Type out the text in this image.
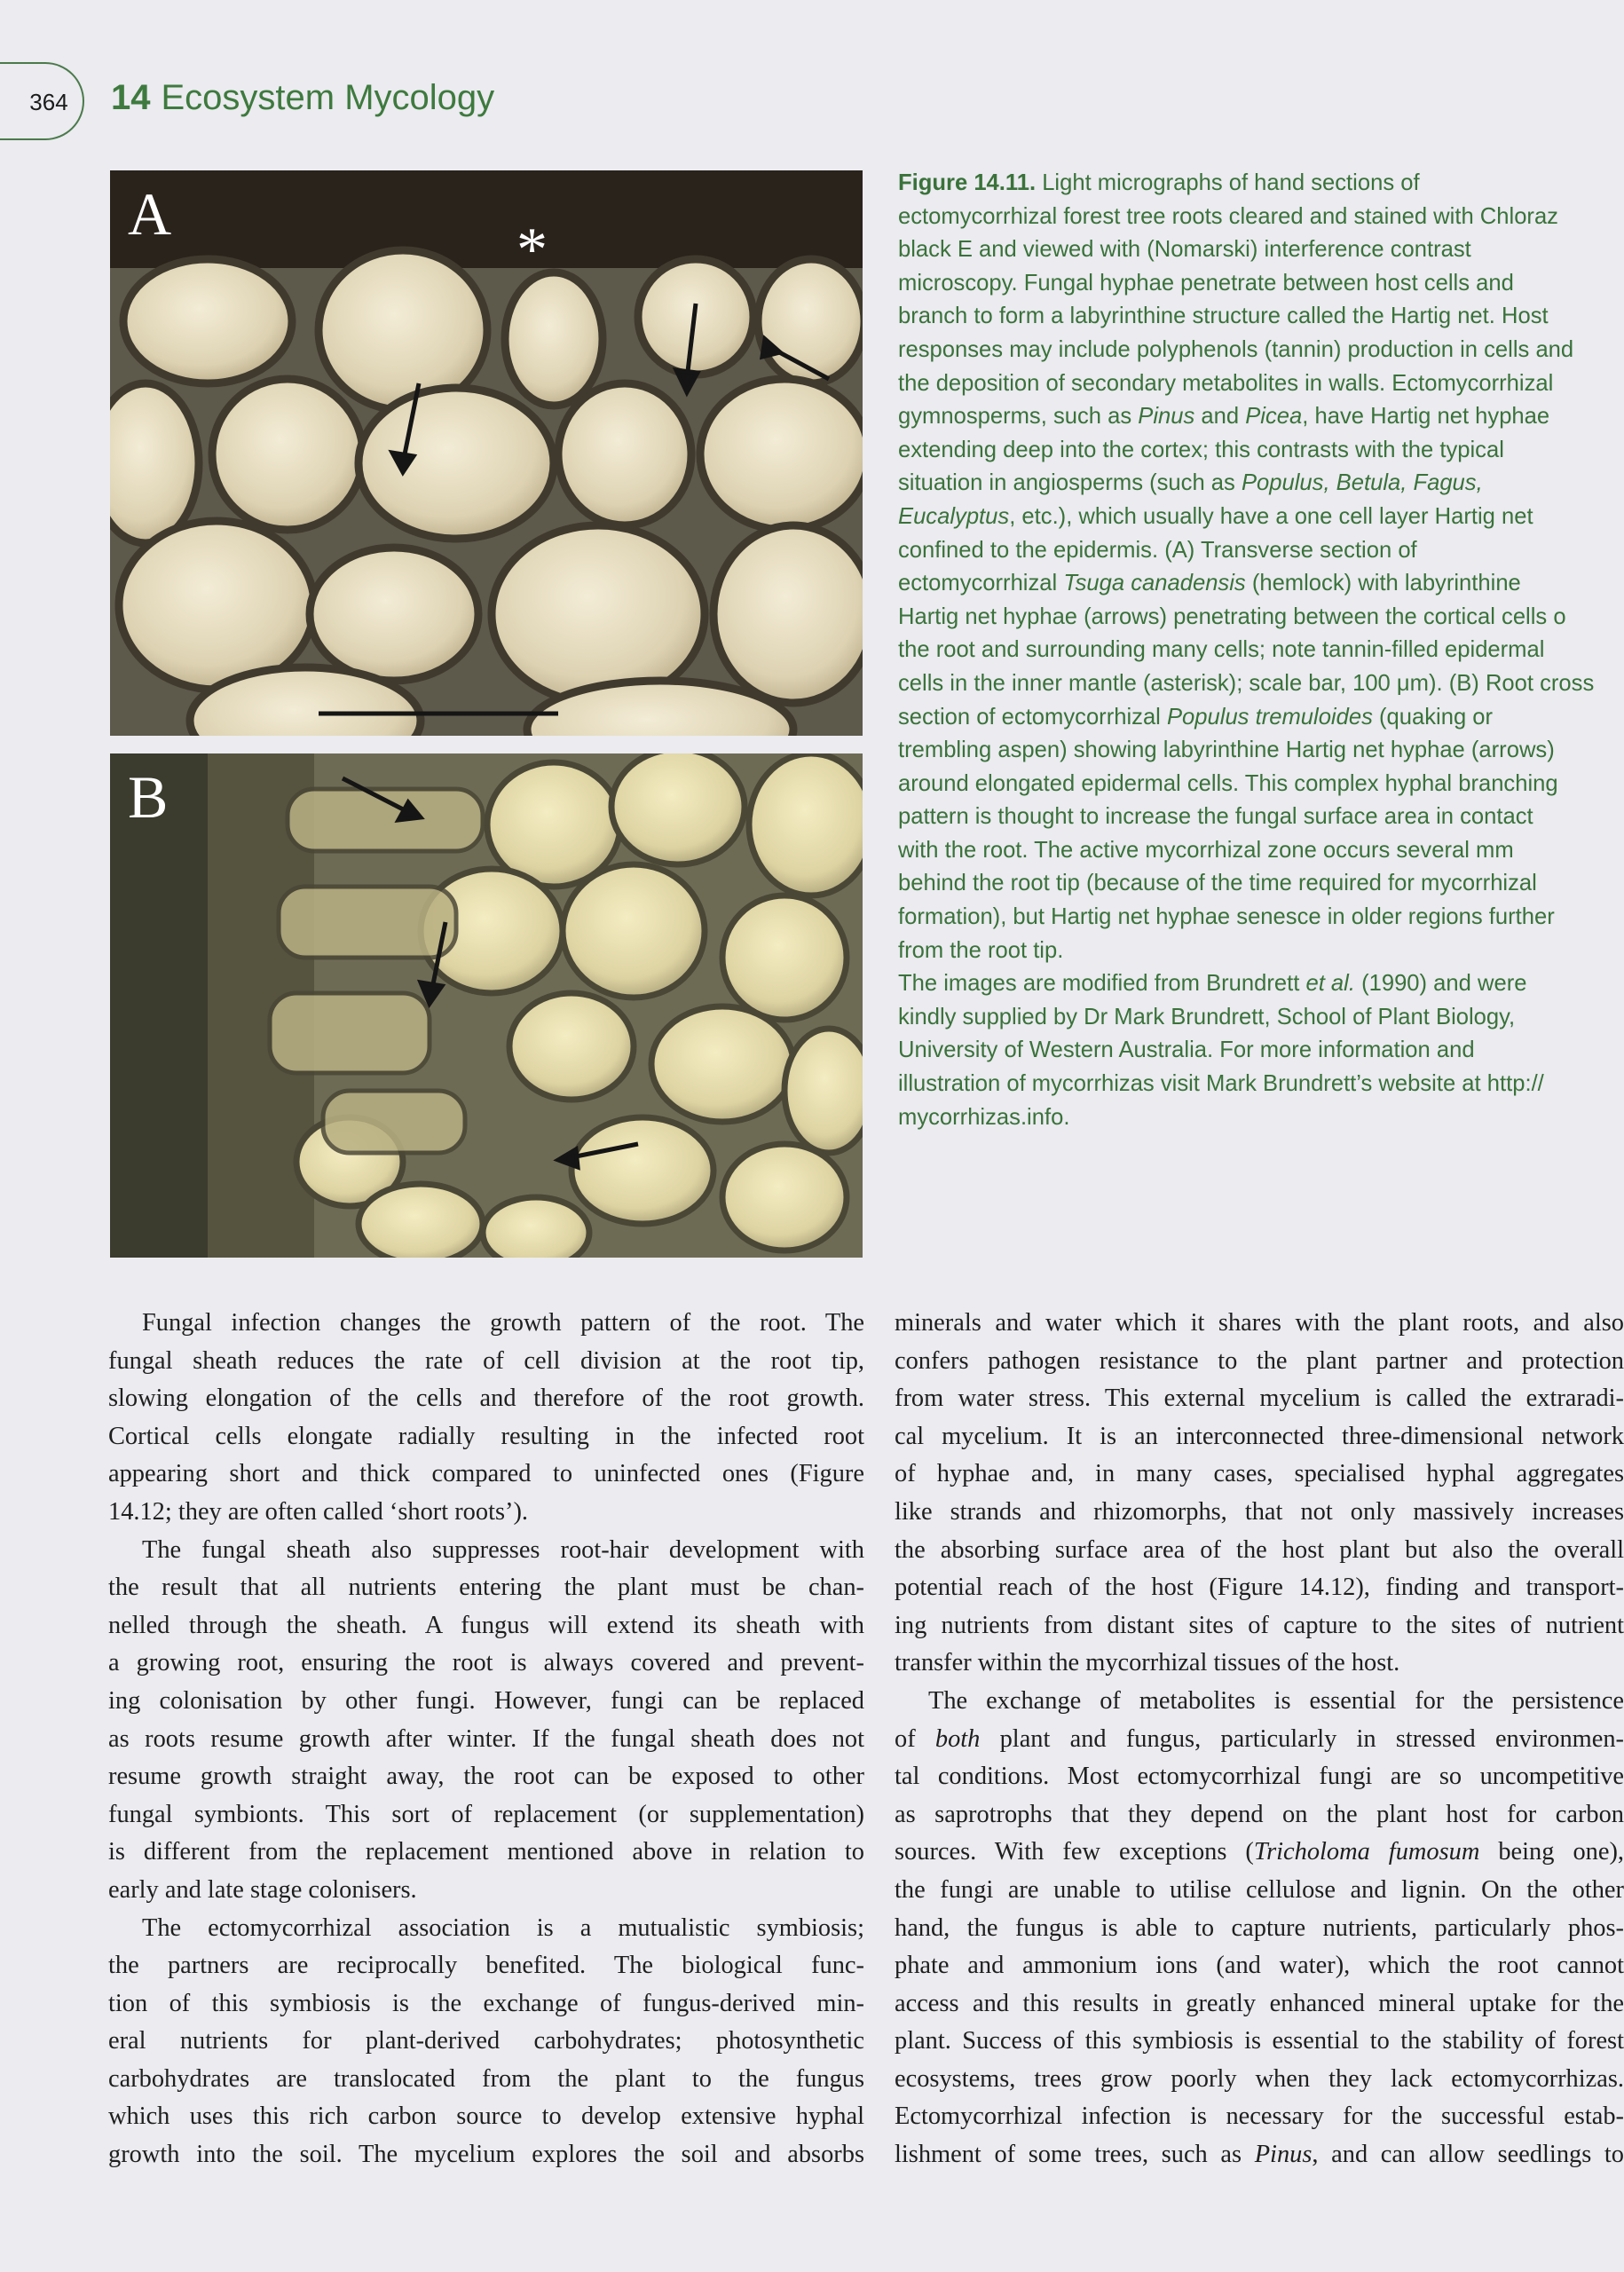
364 14 Ecosystem Mycology
A
*
B

Figure 14.11. Light micrographs of hand sections of
ectomycorrhizal forest tree roots cleared and stained with Chloraz
black E and viewed with (Nomarski) interference contrast
microscopy. Fungal hyphae penetrate between host cells and
branch to form a labyrinthine structure called the Hartig net. Host
responses may include polyphenols (tannin) production in cells and
the deposition of secondary metabolites in walls. Ectomycorrhizal
gymnosperms, such as Pinus and Picea, have Hartig net hyphae
extending deep into the cortex; this contrasts with the typical
situation in angiosperms (such as Populus, Betula, Fagus,
Eucalyptus, etc.), which usually have a one cell layer Hartig net
confined to the epidermis. (A) Transverse section of
ectomycorrhizal Tsuga canadensis (hemlock) with labyrinthine
Hartig net hyphae (arrows) penetrating between the cortical cells o
the root and surrounding many cells; note tannin-filled epidermal
cells in the inner mantle (asterisk); scale bar, 100 μm). (B) Root cross
section of ectomycorrhizal Populus tremuloides (quaking or
trembling aspen) showing labyrinthine Hartig net hyphae (arrows)
around elongated epidermal cells. This complex hyphal branching
pattern is thought to increase the fungal surface area in contact
with the root. The active mycorrhizal zone occurs several mm
behind the root tip (because of the time required for mycorrhizal
formation), but Hartig net hyphae senesce in older regions further
from the root tip.
The images are modified from Brundrett et al. (1990) and were
kindly supplied by Dr Mark Brundrett, School of Plant Biology,
University of Western Australia. For more information and
illustration of mycorrhizas visit Mark Brundrett’s website at http://
mycorrhizas.info.

Fungal infection changes the growth pattern of the root. The
fungal sheath reduces the rate of cell division at the root tip,
slowing elongation of the cells and therefore of the root growth.
Cortical cells elongate radially resulting in the infected root
appearing short and thick compared to uninfected ones (Figure
14.12; they are often called ‘short roots’).
The fungal sheath also suppresses root-hair development with
the result that all nutrients entering the plant must be chan-
nelled through the sheath. A fungus will extend its sheath with
a growing root, ensuring the root is always covered and prevent-
ing colonisation by other fungi. However, fungi can be replaced
as roots resume growth after winter. If the fungal sheath does not
resume growth straight away, the root can be exposed to other
fungal symbionts. This sort of replacement (or supplementation)
is different from the replacement mentioned above in relation to
early and late stage colonisers.
The ectomycorrhizal association is a mutualistic symbiosis;
the partners are reciprocally benefited. The biological func-
tion of this symbiosis is the exchange of fungus-derived min-
eral nutrients for plant-derived carbohydrates; photosynthetic
carbohydrates are translocated from the plant to the fungus
which uses this rich carbon source to develop extensive hyphal
growth into the soil. The mycelium explores the soil and absorbs
minerals and water which it shares with the plant roots, and also
confers pathogen resistance to the plant partner and protection
from water stress. This external mycelium is called the extraradi-
cal mycelium. It is an interconnected three-dimensional network
of hyphae and, in many cases, specialised hyphal aggregates
like strands and rhizomorphs, that not only massively increases
the absorbing surface area of the host plant but also the overall
potential reach of the host (Figure 14.12), finding and transport-
ing nutrients from distant sites of capture to the sites of nutrient
transfer within the mycorrhizal tissues of the host.
The exchange of metabolites is essential for the persistence
of both plant and fungus, particularly in stressed environmen-
tal conditions. Most ectomycorrhizal fungi are so uncompetitive
as saprotrophs that they depend on the plant host for carbon
sources. With few exceptions (Tricholoma fumosum being one),
the fungi are unable to utilise cellulose and lignin. On the other
hand, the fungus is able to capture nutrients, particularly phos-
phate and ammonium ions (and water), which the root cannot
access and this results in greatly enhanced mineral uptake for the
plant. Success of this symbiosis is essential to the stability of forest
ecosystems, trees grow poorly when they lack ectomycorrhizas.
Ectomycorrhizal infection is necessary for the successful estab-
lishment of some trees, such as Pinus, and can allow seedlings to
